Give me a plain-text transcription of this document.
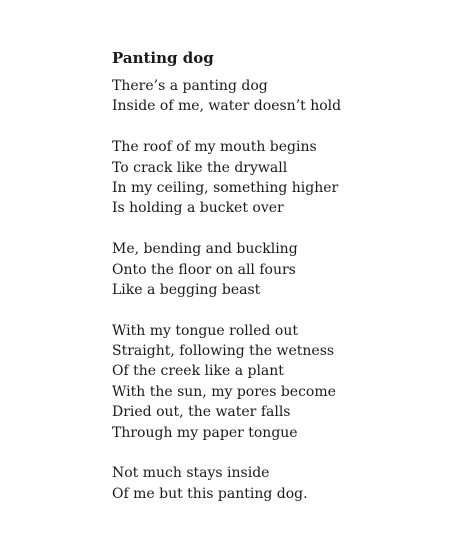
Panting dog
There’s a panting dog
Inside of me, water doesn’t hold
The roof of my mouth begins
To crack like the drywall
In my ceiling, something higher
Is holding a bucket over
Me, bending and buckling
Onto the floor on all fours
Like a begging beast
With my tongue rolled out
Straight, following the wetness
Of the creek like a plant
With the sun, my pores become
Dried out, the water falls
Through my paper tongue
Not much stays inside
Of me but this panting dog.
